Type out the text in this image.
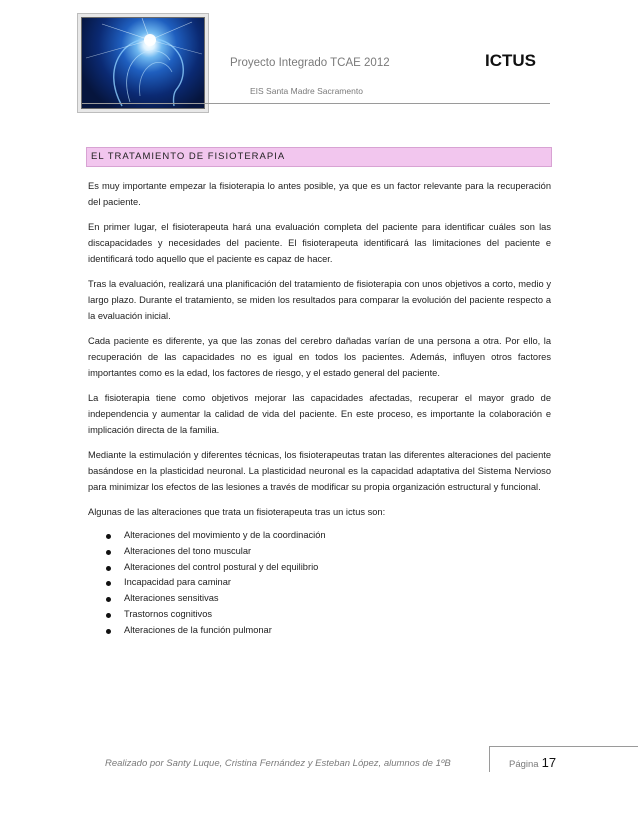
Proyecto Integrado TCAE 2012	ICTUS
EIS Santa Madre Sacramento
EL TRATAMIENTO DE FISIOTERAPIA

Es muy importante empezar la fisioterapia lo antes posible, ya que es un factor relevante para la recuperación del paciente.

En primer lugar, el fisioterapeuta hará una evaluación completa del paciente para identificar cuáles son las discapacidades y necesidades del paciente. El fisioterapeuta identificará las limitaciones del paciente e identificará todo aquello que el paciente es capaz de hacer.

Tras la evaluación, realizará una planificación del tratamiento de fisioterapia con unos objetivos a corto, medio y largo plazo. Durante el tratamiento, se miden los resultados para comparar la evolución del paciente respecto a la evaluación inicial.

Cada paciente es diferente, ya que las zonas del cerebro dañadas varían de una persona a otra. Por ello, la recuperación de las capacidades no es igual en todos los pacientes. Además, influyen otros factores importantes como es la edad, los factores de riesgo, y el estado general del paciente.

La fisioterapia tiene como objetivos mejorar las capacidades afectadas, recuperar el mayor grado de independencia y aumentar la calidad de vida del paciente. En este proceso, es importante la colaboración e implicación directa de la familia.

Mediante la estimulación y diferentes técnicas, los fisioterapeutas tratan las diferentes alteraciones del paciente basándose en la plasticidad neuronal. La plasticidad neuronal es la capacidad adaptativa del Sistema Nervioso para minimizar los efectos de las lesiones a través de modificar su propia organización estructural y funcional.

Algunas de las alteraciones que trata un fisioterapeuta tras un ictus son:

Alteraciones del movimiento y de la coordinación
Alteraciones del tono muscular
Alteraciones del control postural y del equilibrio
Incapacidad para caminar
Alteraciones sensitivas
Trastornos cognitivos
Alteraciones de la función pulmonar
Realizado por Santy Luque, Cristina Fernández y Esteban López, alumnos de 1ºB	Página 17
